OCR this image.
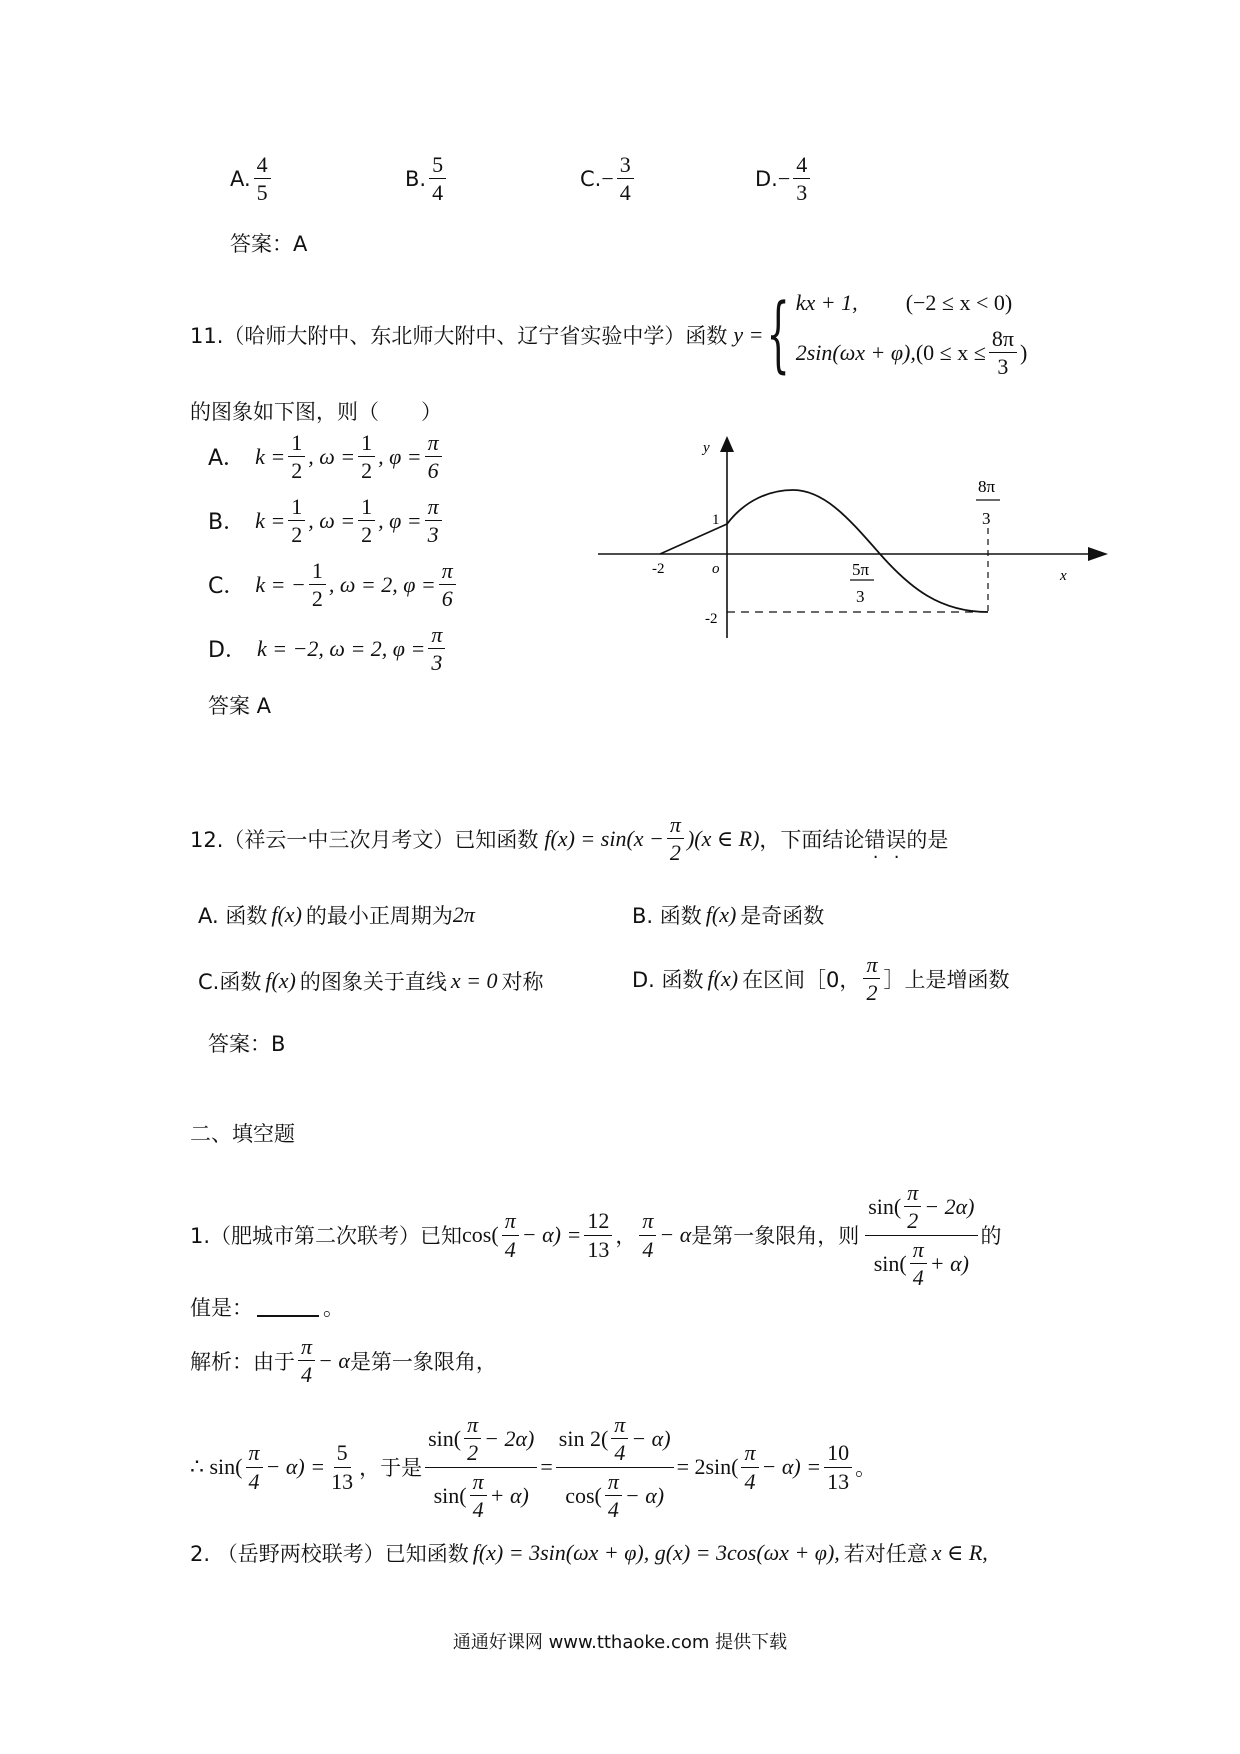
A. $\frac{4}{5}$	B. $\frac{5}{4}$	C. − $\frac{3}{4}$	D. − $\frac{4}{3}$
答案：A
11.（哈师大附中、东北师大附中、辽宁省实验中学）函数 y = { kx + 1,	(−2 ≤ x < 0)
2sin(ωx + φ), ($0 \le x \le \frac{8\pi}{3}$ )
的图象如下图，则（　　）
A． $k = \frac{1}{2}$ , $\omega = \frac{1}{2}$ , $\varphi = \frac{\pi}{6}$
B． $k = \frac{1}{2}$ , $\omega = \frac{1}{2}$ , $\varphi = \frac{\pi}{3}$
C． k = − $\frac{1}{2}$ , ω = 2, $\varphi = \frac{\pi}{6}$
D． k = −2, ω = 2, $\varphi = \frac{\pi}{3}$
答案 A
y
x
o
-2
1
-2
5π
3
8π
3
12.（祥云一中三次月考文）已知函数 $f(x) = \sin(x - \frac{\pi}{2} )(x$ ∈ R) ，下面结论 错 · 误 · 的是
A. 函数 f(x) 的最小正周期为 2π	B. 函数 f(x) 是奇函数
C.函数 f(x) 的图象关于直线 x = 0 对称	D. 函数 f(x) 在区间［0， $\frac{\pi}{2}$ ］上是增函数
答案：B
二、填空题
1.（肥城市第二次联考）已知 $\cos( \frac{\pi}{4} - \alpha) = \frac{12}{13}$ ， $\frac{\pi}{4} - \alpha$ 是第一象限角，则 $\frac{\sin( \frac{\pi}{2} - 2\alpha)}{\sin( \frac{\pi}{4} + \alpha)}$ 的
值是：	。
解析：由于 $\frac{\pi}{4} - \alpha$ 是第一象限角，
∴ $\sin( \frac{\pi}{4} - \alpha) = \frac{5}{13}$ ，于是 $\frac{\sin( \frac{\pi}{2} - 2\alpha)}{\sin( \frac{\pi}{4} + \alpha)} = \frac{\sin 2( \frac{\pi}{4} - \alpha)}{\cos( \frac{\pi}{4} - \alpha)} = 2\sin( \frac{\pi}{4} - \alpha) = \frac{10}{13}$ 。
2. （岳野两校联考）已知函数 f(x) = 3sin(ωx + φ), g(x) = 3cos(ωx + φ), 若对任意 x ∈ R,
通通好课网 www.tthaoke.com 提供下载
